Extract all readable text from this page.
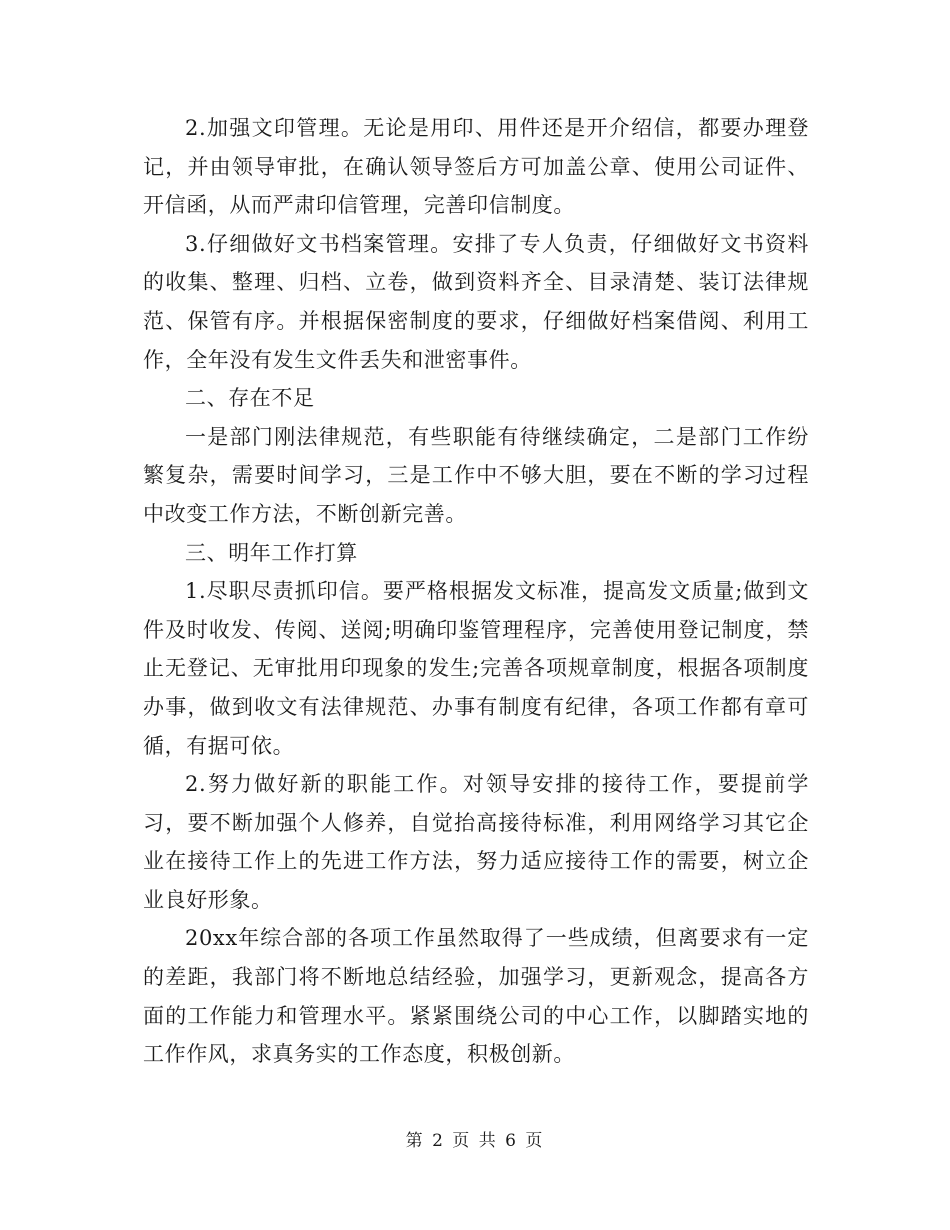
2.加强文印管理。无论是用印、用件还是开介绍信，都要办理登记，并由领导审批，在确认领导签后方可加盖公章、使用公司证件、开信函，从而严肃印信管理，完善印信制度。

3.仔细做好文书档案管理。安排了专人负责，仔细做好文书资料的收集、整理、归档、立卷，做到资料齐全、目录清楚、装订法律规范、保管有序。并根据保密制度的要求，仔细做好档案借阅、利用工作，全年没有发生文件丢失和泄密事件。

二、存在不足

一是部门刚法律规范，有些职能有待继续确定，二是部门工作纷繁复杂，需要时间学习，三是工作中不够大胆，要在不断的学习过程中改变工作方法，不断创新完善。

三、明年工作打算

1.尽职尽责抓印信。要严格根据发文标准，提高发文质量;做到文件及时收发、传阅、送阅;明确印鉴管理程序，完善使用登记制度，禁止无登记、无审批用印现象的发生;完善各项规章制度，根据各项制度办事，做到收文有法律规范、办事有制度有纪律，各项工作都有章可循，有据可依。

2.努力做好新的职能工作。对领导安排的接待工作，要提前学习，要不断加强个人修养，自觉抬高接待标准，利用网络学习其它企业在接待工作上的先进工作方法，努力适应接待工作的需要，树立企业良好形象。

20xx年综合部的各项工作虽然取得了一些成绩，但离要求有一定的差距，我部门将不断地总结经验，加强学习，更新观念，提高各方面的工作能力和管理水平。紧紧围绕公司的中心工作，以脚踏实地的工作作风，求真务实的工作态度，积极创新。

第 2 页 共 6 页
